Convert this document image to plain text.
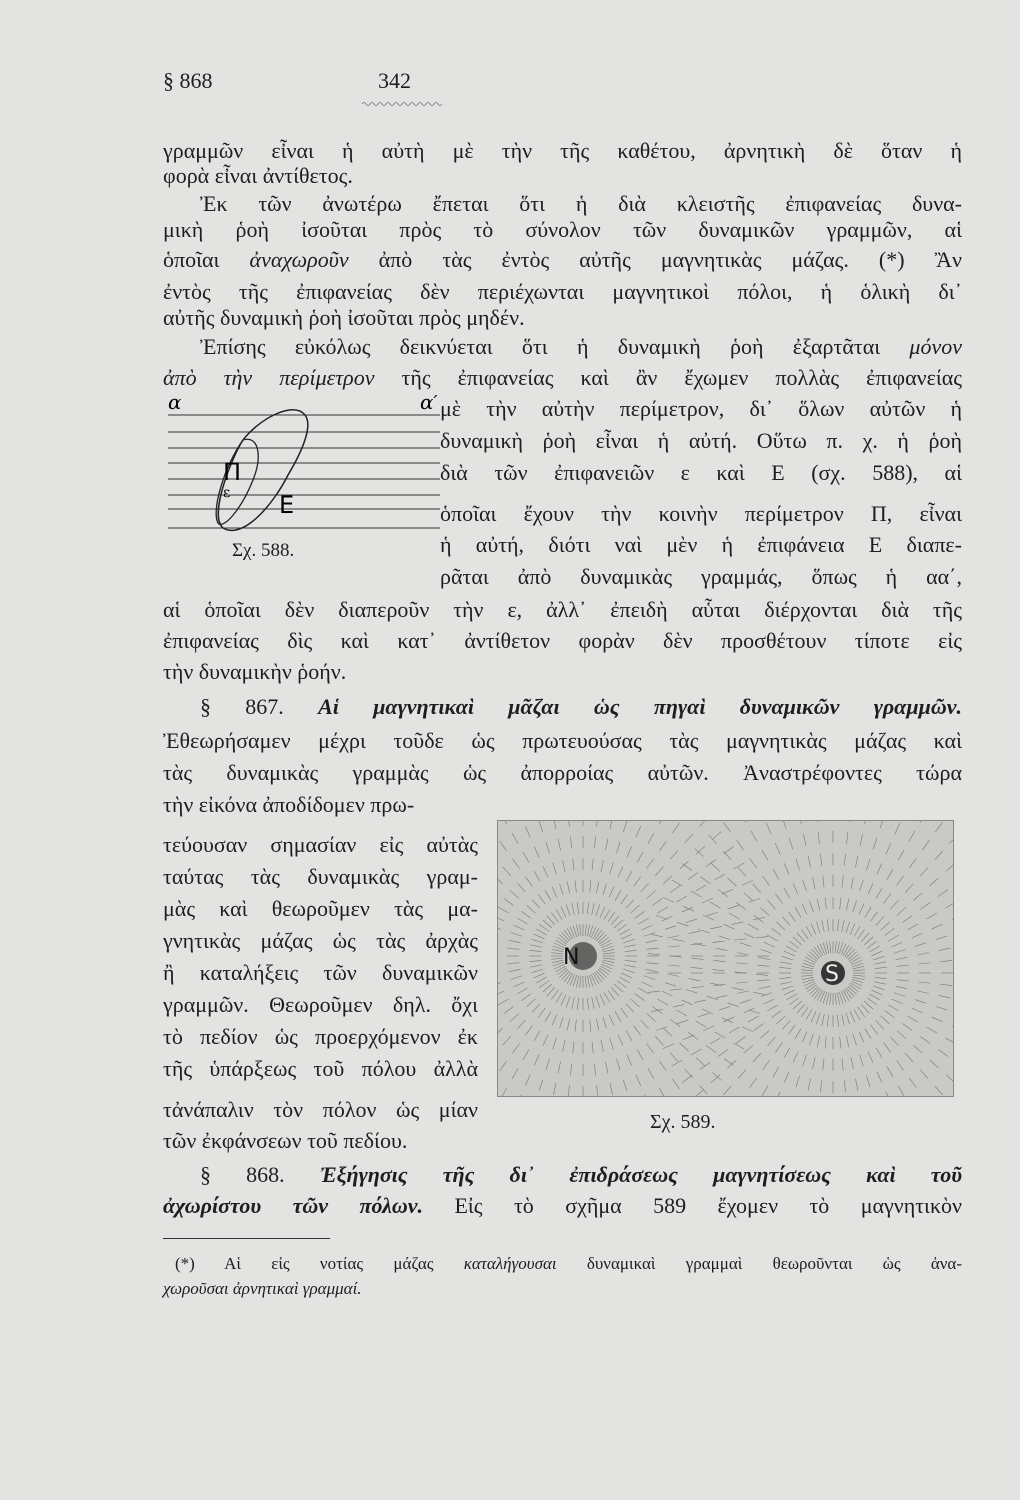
§ 868	342
γραμμῶν εἶναι ἡ αὐτὴ μὲ τὴν τῆς καθέτου, ἀρνητικὴ δὲ ὅταν ἡ
φορὰ εἶναι ἀντίθετος.
Ἐκ τῶν ἀνωτέρω ἔπεται ὅτι ἡ διὰ κλειστῆς ἐπιφανείας δυνα-
μικὴ ῥοὴ ἰσοῦται πρὸς τὸ σύνολον τῶν δυναμικῶν γραμμῶν, αἱ
ὁποῖαι ἀναχωροῦν ἀπὸ τὰς ἐντὸς αὐτῆς μαγνητικὰς μάζας. (*) Ἂν
ἐντὸς τῆς ἐπιφανείας δὲν περιέχωνται μαγνητικοὶ πόλοι, ἡ ὁλικὴ δι᾽
αὐτῆς δυναμικὴ ῥοὴ ἰσοῦται πρὸς μηδέν.
Ἐπίσης εὐκόλως δεικνύεται ὅτι ἡ δυναμικὴ ῥοὴ ἐξαρτᾶται μόνον
ἀπὸ τὴν περίμετρον τῆς ἐπιφανείας καὶ ἂν ἔχωμεν πολλὰς ἐπιφανείας
μὲ τὴν αὐτὴν περίμετρον, δι᾽ ὅλων αὐτῶν ἡ
δυναμικὴ ῥοὴ εἶναι ἡ αὐτή. Οὕτω π. χ. ἡ ῥοὴ
διὰ τῶν ἐπιφανειῶν ε καὶ Ε (σχ. 588), αἱ
ὁποῖαι ἔχουν τὴν κοινὴν περίμετρον Π, εἶναι
ἡ αὐτή, διότι ναὶ μὲν ἡ ἐπιφάνεια Ε διαπε-
ρᾶται ἀπὸ δυναμικὰς γραμμάς, ὅπως ἡ αα΄,
α	α′
Π
ε Ε
Σχ. 588.
αἱ ὁποῖαι δὲν διαπεροῦν τὴν ε, ἀλλ᾽ ἐπειδὴ αὗται διέρχονται διὰ τῆς
ἐπιφανείας δὶς καὶ κατ᾽ ἀντίθετον φορὰν δὲν προσθέτουν τίποτε εἰς
τὴν δυναμικὴν ῥοήν.
§ 867. Αἱ μαγνητικαὶ μᾶζαι ὡς πηγαὶ δυναμικῶν γραμμῶν.
Ἐθεωρήσαμεν μέχρι τοῦδε ὡς πρωτευούσας τὰς μαγνητικὰς μάζας καὶ
τὰς δυναμικὰς γραμμὰς ὡς ἀπορροίας αὐτῶν. Ἀναστρέφοντες τώρα
τὴν εἰκόνα ἀποδίδομεν πρω-
τεύουσαν σημασίαν εἰς αὐτὰς
ταύτας τὰς δυναμικὰς γραμ-
μὰς καὶ θεωροῦμεν τὰς μα-
γνητικὰς μάζας ὡς τὰς ἀρχὰς
ἢ καταλήξεις τῶν δυναμικῶν
γραμμῶν. Θεωροῦμεν δηλ. ὄχι
τὸ πεδίον ὡς προερχόμενον ἐκ
τῆς ὑπάρξεως τοῦ πόλου ἀλλὰ
τἀνάπαλιν τὸν πόλον ὡς μίαν
τῶν ἐκφάνσεων τοῦ πεδίου.
N
S
Σχ. 589.
§ 868. Ἐξήγησις τῆς δι᾽ ἐπιδράσεως μαγνητίσεως καὶ τοῦ
ἀχωρίστου τῶν πόλων. Εἰς τὸ σχῆμα 589 ἔχομεν τὸ μαγνητικὸν
(*) Αἱ εἰς νοτίας μάζας καταλήγουσαι δυναμικαὶ γραμμαὶ θεωροῦνται ὡς ἀνα-
χωροῦσαι ἀρνητικαὶ γραμμαί.
